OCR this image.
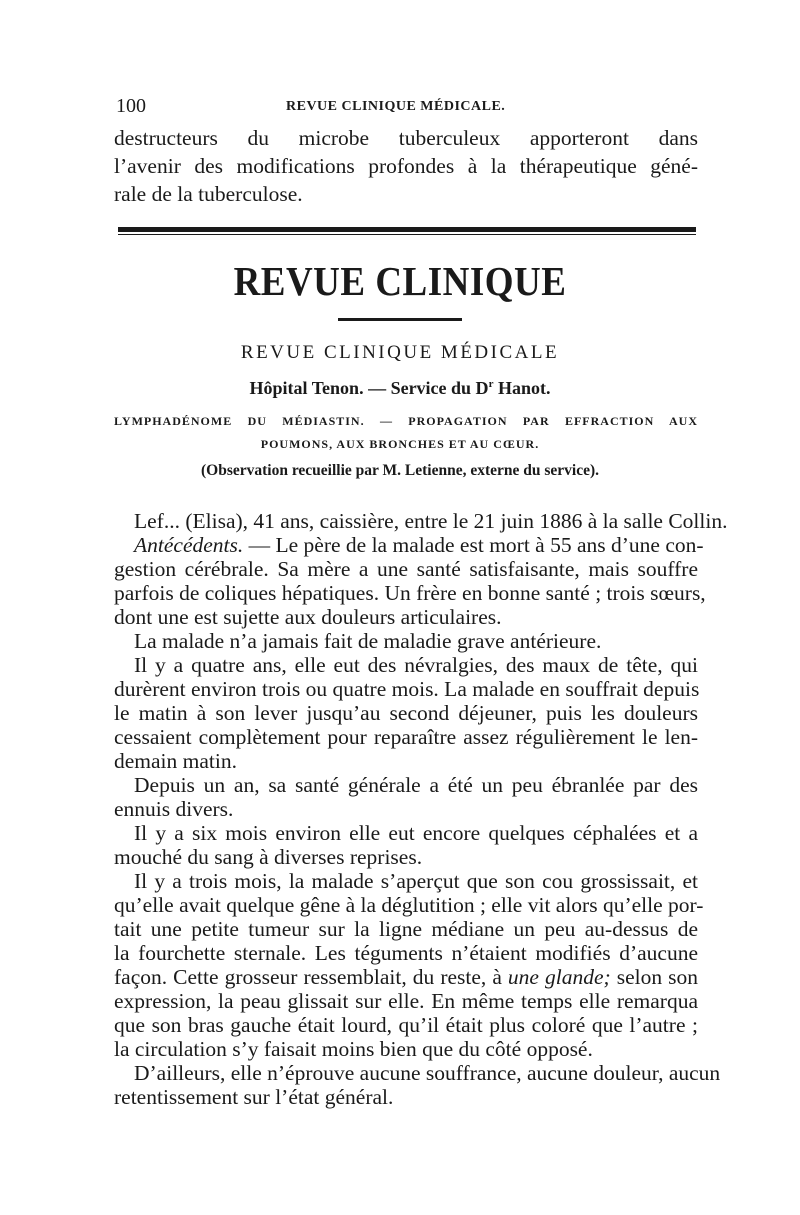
100	REVUE CLINIQUE MÉDICALE.
destructeurs du microbe tuberculeux apporteront dans
l’avenir des modifications profondes à la thérapeutique géné-
rale de la tuberculose.
REVUE CLINIQUE
REVUE CLINIQUE MÉDICALE
Hôpital Tenon. — Service du $D^r$ Hanot.
LYMPHADÉNOME DU MÉDIASTIN. — PROPAGATION PAR EFFRACTION AUX
POUMONS, AUX BRONCHES ET AU CŒUR.
(Observation recueillie par M. Letienne, externe du service).
Lef... (Elisa), 41 ans, caissière, entre le 21 juin 1886 à la salle Collin.
Antécédents. — Le père de la malade est mort à 55 ans d’une con-
gestion cérébrale. Sa mère a une santé satisfaisante, mais souffre
parfois de coliques hépatiques. Un frère en bonne santé ; trois sœurs,
dont une est sujette aux douleurs articulaires.
La malade n’a jamais fait de maladie grave antérieure.
Il y a quatre ans, elle eut des névralgies, des maux de tête, qui
durèrent environ trois ou quatre mois. La malade en souffrait depuis
le matin à son lever jusqu’au second déjeuner, puis les douleurs
cessaient complètement pour reparaître assez régulièrement le len-
demain matin.
Depuis un an, sa santé générale a été un peu ébranlée par des
ennuis divers.
Il y a six mois environ elle eut encore quelques céphalées et a
mouché du sang à diverses reprises.
Il y a trois mois, la malade s’aperçut que son cou grossissait, et
qu’elle avait quelque gêne à la déglutition ; elle vit alors qu’elle por-
tait une petite tumeur sur la ligne médiane un peu au-dessus de
la fourchette sternale. Les téguments n’étaient modifiés d’aucune
façon. Cette grosseur ressemblait, du reste, à une glande; selon son
expression, la peau glissait sur elle. En même temps elle remarqua
que son bras gauche était lourd, qu’il était plus coloré que l’autre ;
la circulation s’y faisait moins bien que du côté opposé.
D’ailleurs, elle n’éprouve aucune souffrance, aucune douleur, aucun
retentissement sur l’état général.
